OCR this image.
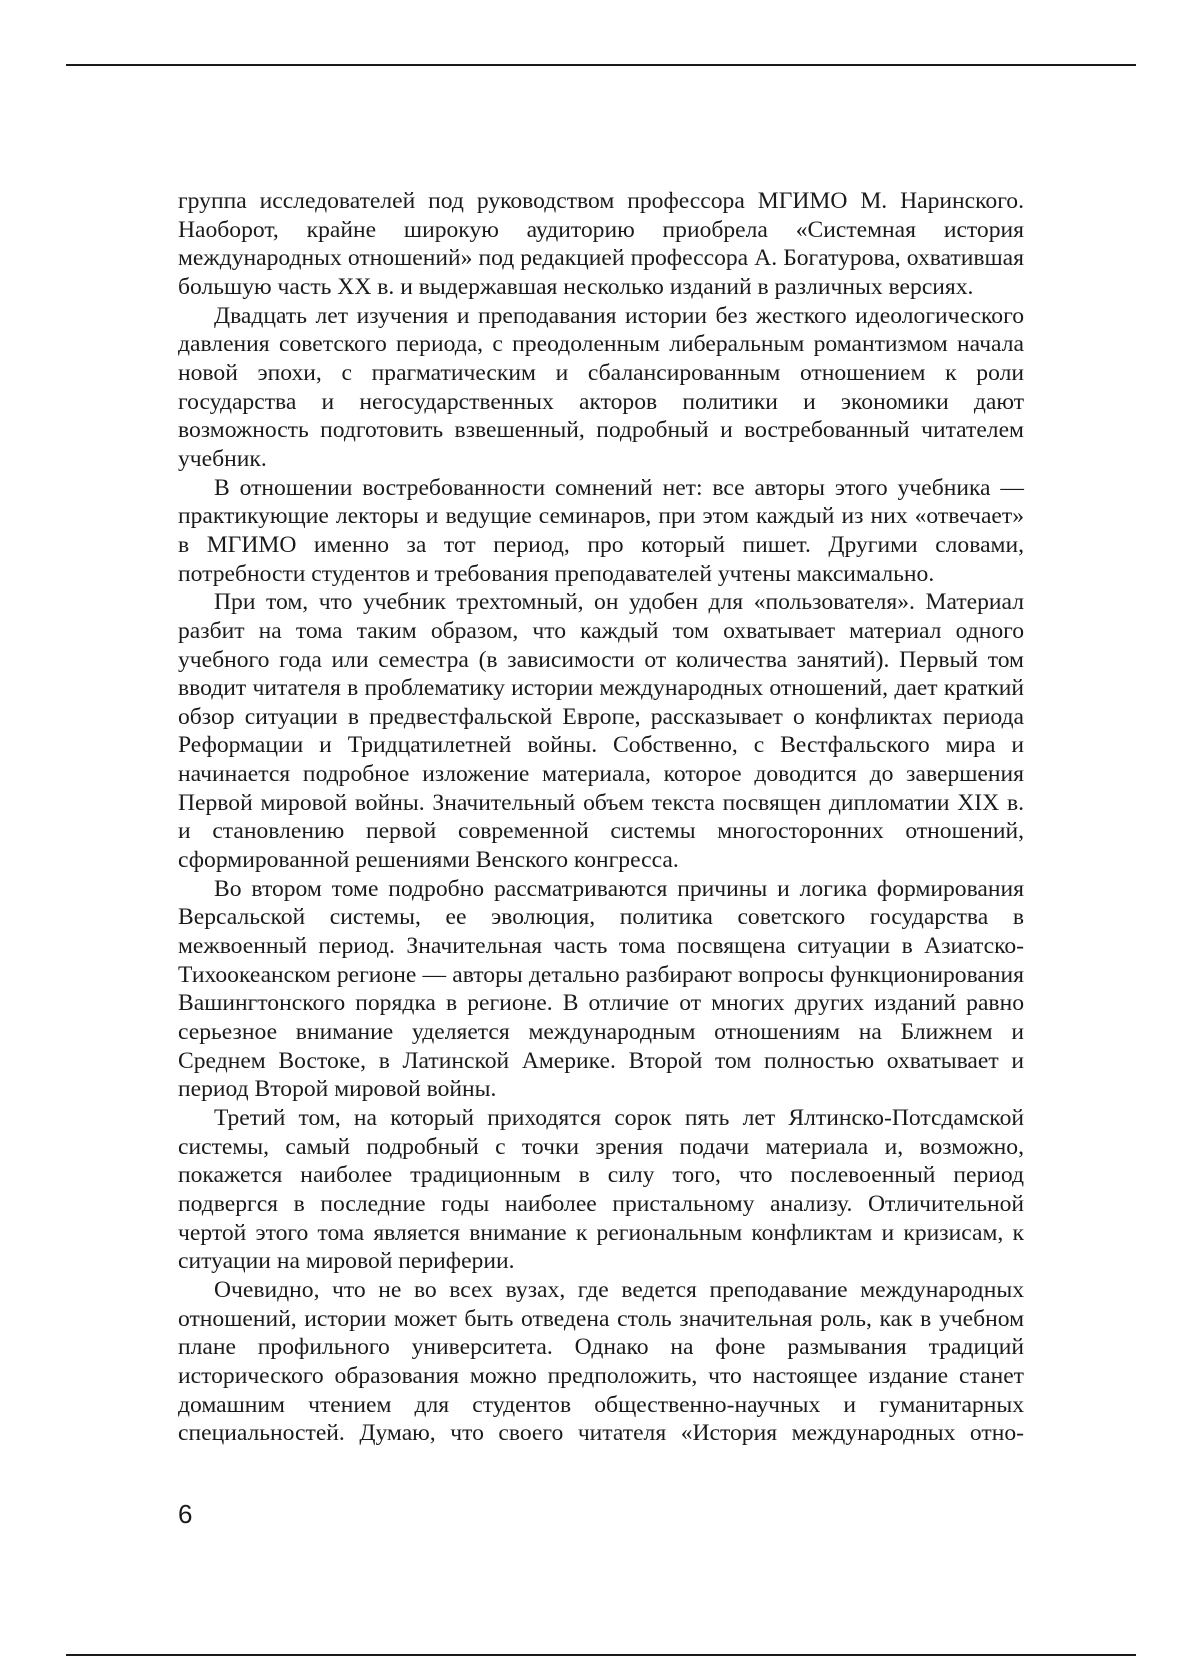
группа исследователей под руководством профессора МГИМО М. Наринского. Наоборот, крайне широкую аудиторию приобрела «Системная история международных отношений» под редакцией профессора А. Богатурова, охватившая большую часть XX в. и выдержавшая несколько изданий в различных версиях.

Двадцать лет изучения и преподавания истории без жесткого идеологического давления советского периода, с преодоленным либеральным романтизмом начала новой эпохи, с прагматическим и сбалансированным отношением к роли государства и негосударственных акторов политики и экономики дают возможность подготовить взвешенный, подробный и востребованный читателем учебник.

В отношении востребованности сомнений нет: все авторы этого учебника — практикующие лекторы и ведущие семинаров, при этом каждый из них «отвечает» в МГИМО именно за тот период, про который пишет. Другими словами, потребности студентов и требования преподавателей учтены максимально.

При том, что учебник трехтомный, он удобен для «пользователя». Материал разбит на тома таким образом, что каждый том охватывает материал одного учебного года или семестра (в зависимости от количества занятий). Первый том вводит читателя в проблематику истории международных отношений, дает краткий обзор ситуации в предвестфальской Европе, рассказывает о конфликтах периода Реформации и Тридцатилетней войны. Собственно, с Вестфальского мира и начинается подробное изложение материала, которое доводится до завершения Первой мировой войны. Значительный объем текста посвящен дипломатии XIX в. и становлению первой современной системы многосторонних отношений, сформированной решениями Венского конгресса.

Во втором томе подробно рассматриваются причины и логика формирования Версальской системы, ее эволюция, политика советского государства в межвоенный период. Значительная часть тома посвящена ситуации в Азиатско-Тихоокеанском регионе — авторы детально разбирают вопросы функционирования Вашингтонского порядка в регионе. В отличие от многих других изданий равно серьезное внимание уделяется международным отношениям на Ближнем и Среднем Востоке, в Латинской Америке. Второй том полностью охватывает и период Второй мировой войны.

Третий том, на который приходятся сорок пять лет Ялтинско-Потсдамской системы, самый подробный с точки зрения подачи материала и, возможно, покажется наиболее традиционным в силу того, что послевоенный период подвергся в последние годы наиболее пристальному анализу. Отличительной чертой этого тома является внимание к региональным конфликтам и кризисам, к ситуации на мировой периферии.

Очевидно, что не во всех вузах, где ведется преподавание международных отношений, истории может быть отведена столь значительная роль, как в учебном плане профильного университета. Однако на фоне размывания традиций исторического образования можно предположить, что настоящее издание станет домашним чтением для студентов общественно-научных и гуманитарных специальностей. Думаю, что своего читателя «История международных отно-

6
